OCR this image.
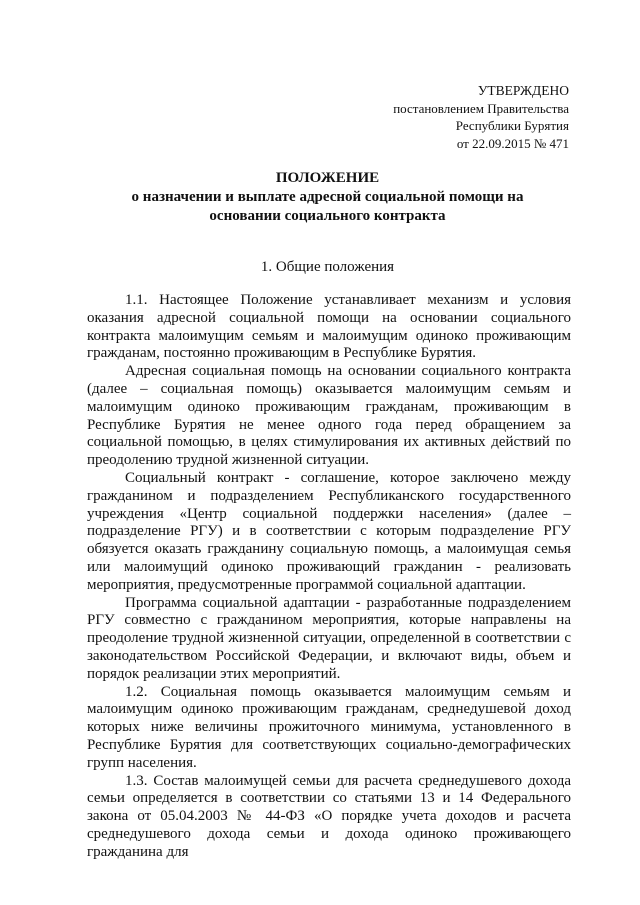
УТВЕРЖДЕНО
постановлением Правительства
Республики Бурятия
от 22.09.2015 № 471
ПОЛОЖЕНИЕ
о назначении и выплате адресной социальной помощи на
основании социального контракта
1. Общие положения

1.1. Настоящее Положение устанавливает механизм и условия оказания адресной социальной помощи на основании социального контракта малоимущим семьям и малоимущим одиноко проживающим гражданам, постоянно проживающим в Республике Бурятия.

Адресная социальная помощь на основании социального контракта (далее – социальная помощь) оказывается малоимущим семьям и малоимущим одиноко проживающим гражданам, проживающим в Республике Бурятия не менее одного года перед обращением за социальной помощью, в целях стимулирования их активных действий по преодолению трудной жизненной ситуации.

Социальный контракт - соглашение, которое заключено между гражданином и подразделением Республиканского государственного учреждения «Центр социальной поддержки населения» (далее – подразделение РГУ) и в соответствии с которым подразделение РГУ обязуется оказать гражданину социальную помощь, а малоимущая семья или малоимущий одиноко проживающий гражданин - реализовать мероприятия, предусмотренные программой социальной адаптации.

Программа социальной адаптации - разработанные подразделением РГУ совместно с гражданином мероприятия, которые направлены на преодоление трудной жизненной ситуации, определенной в соответствии с законодательством Российской Федерации, и включают виды, объем и порядок реализации этих мероприятий.

1.2. Социальная помощь оказывается малоимущим семьям и малоимущим одиноко проживающим гражданам, среднедушевой доход которых ниже величины прожиточного минимума, установленного в Республике Бурятия для соответствующих социально-демографических групп населения.

1.3. Состав малоимущей семьи для расчета среднедушевого дохода семьи определяется в соответствии со статьями 13 и 14 Федерального закона от 05.04.2003 № 44-ФЗ «О порядке учета доходов и расчета среднедушевого дохода семьи и дохода одиноко проживающего гражданина для
